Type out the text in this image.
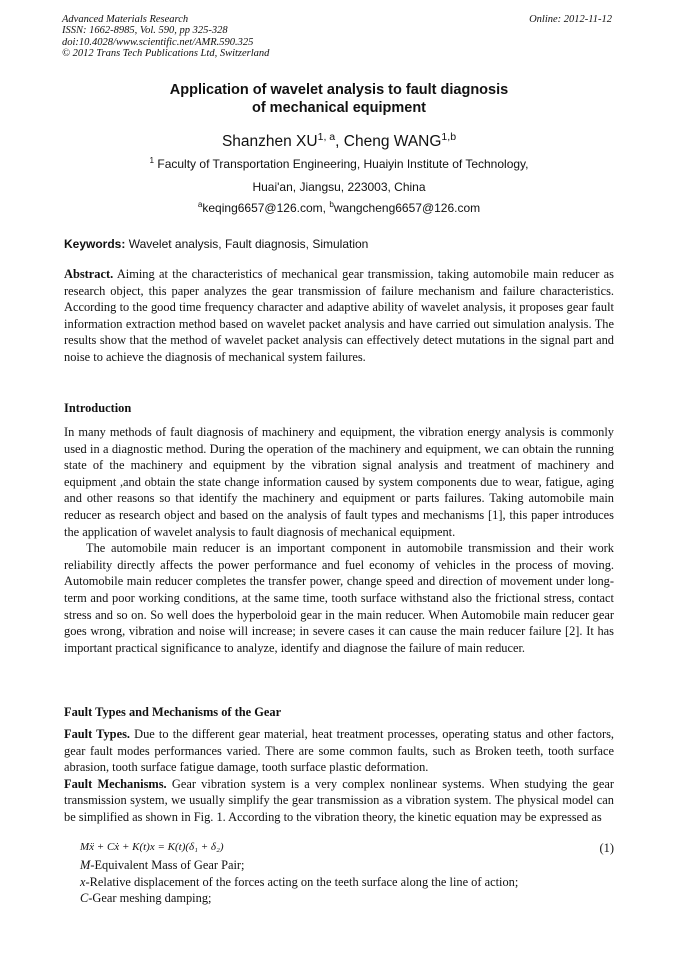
Advanced Materials Research
ISSN: 1662-8985, Vol. 590, pp 325-328
doi:10.4028/www.scientific.net/AMR.590.325
© 2012 Trans Tech Publications Ltd, Switzerland
Online: 2012-11-12
Application of wavelet analysis to fault diagnosis
of mechanical equipment
Shanzhen XU$^{1, a}$, Cheng WANG$^{1,b}$
$^1$ Faculty of Transportation Engineering, Huaiyin Institute of Technology,
Huai'an, Jiangsu, 223003, China
$^a$keqing6657@126.com, $^b$wangcheng6657@126.com
Keywords: Wavelet analysis, Fault diagnosis, Simulation

Abstract. Aiming at the characteristics of mechanical gear transmission, taking automobile main reducer as research object, this paper analyzes the gear transmission of failure mechanism and failure characteristics. According to the good time frequency character and adaptive ability of wavelet analysis, it proposes gear fault information extraction method based on wavelet packet analysis and have carried out simulation analysis. The results show that the method of wavelet packet analysis can effectively detect mutations in the signal part and noise to achieve the diagnosis of mechanical system failures.

Introduction

In many methods of fault diagnosis of machinery and equipment, the vibration energy analysis is commonly used in a diagnostic method. During the operation of the machinery and equipment, we can obtain the running state of the machinery and equipment by the vibration signal analysis and treatment of machinery and equipment ,and obtain the state change information caused by system components due to wear, fatigue, aging and other reasons so that identify the machinery and equipment or parts failures. Taking automobile main reducer as research object and based on the analysis of fault types and mechanisms [1], this paper introduces the application of wavelet analysis to fault diagnosis of mechanical equipment.

The automobile main reducer is an important component in automobile transmission and their work reliability directly affects the power performance and fuel economy of vehicles in the process of moving. Automobile main reducer completes the transfer power, change speed and direction of movement under long-term and poor working conditions, at the same time, tooth surface withstand also the frictional stress, contact stress and so on. So well does the hyperboloid gear in the main reducer. When Automobile main reducer gear goes wrong, vibration and noise will increase; in severe cases it can cause the main reducer failure [2]. It has important practical significance to analyze, identify and diagnose the failure of main reducer.

Fault Types and Mechanisms of the Gear

Fault Types. Due to the different gear material, heat treatment processes, operating status and other factors, gear fault modes performances varied. There are some common faults, such as Broken teeth, tooth surface abrasion, tooth surface fatigue damage, tooth surface plastic deformation.

Fault Mechanisms. Gear vibration system is a very complex nonlinear systems. When studying the gear transmission system, we usually simplify the gear transmission as a vibration system. The physical model can be simplified as shown in Fig. 1. According to the vibration theory, the kinetic equation may be expressed as

Mẍ + Cẋ + K(t)x = K(t)(δ₁ + δ₂)	(1)
M-Equivalent Mass of Gear Pair;
x-Relative displacement of the forces acting on the teeth surface along the line of action;
C-Gear meshing damping;
